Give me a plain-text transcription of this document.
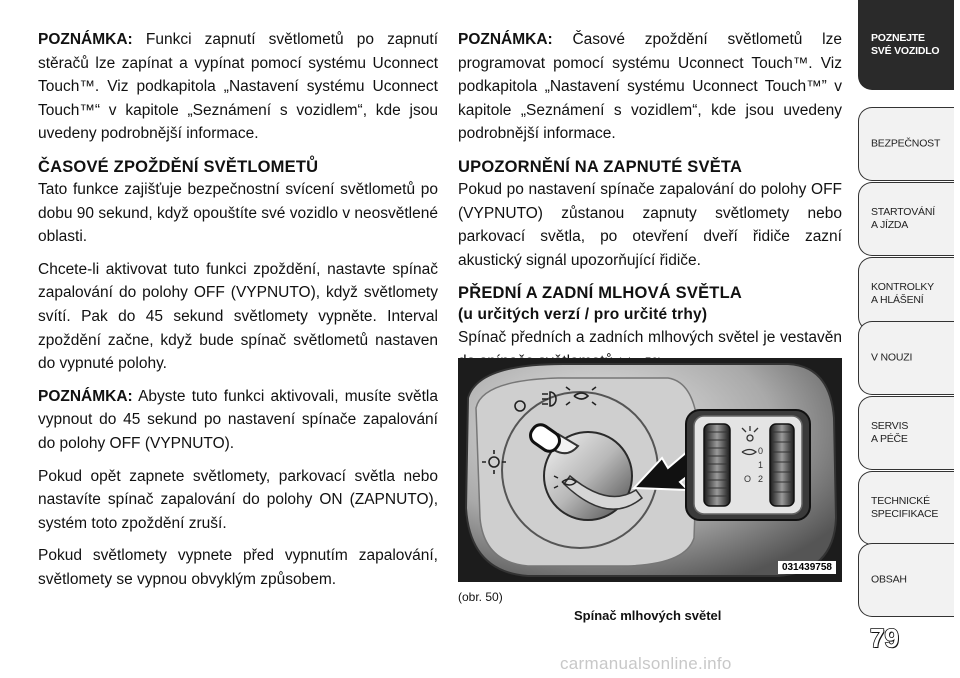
POZNÁMKA: Funkci zapnutí světlometů po zapnutí stěračů lze zapínat a vypínat pomocí systému Uconnect Touch™. Viz podkapitola „Nastavení systému Uconnect Touch™“ v kapitole „Seznámení s vozidlem“, kde jsou uvedeny podrobnější informace.

ČASOVÉ ZPOŽDĚNÍ SVĚTLOMETŮ

Tato funkce zajišťuje bezpečnostní svícení světlometů po dobu 90 sekund, když opouštíte své vozidlo v neosvětlené oblasti.

Chcete-li aktivovat tuto funkci zpoždění, nastavte spínač zapalování do polohy OFF (VYPNUTO), když světlomety svítí. Pak do 45 sekund světlomety vypněte. Interval zpoždění začne, když bude spínač světlometů nastaven do vypnuté polohy.

POZNÁMKA: Abyste tuto funkci aktivovali, musíte světla vypnout do 45 sekund po nastavení spínače zapalování do polohy OFF (VYPNUTO).

Pokud opět zapnete světlomety, parkovací světla nebo nastavíte spínač zapalování do polohy ON (ZAPNUTO), systém toto zpoždění zruší.

Pokud světlomety vypnete před vypnutím zapalování, světlomety se vypnou obvyklým způsobem.

POZNÁMKA: Časové zpoždění světlometů lze programovat pomocí systému Uconnect Touch™. Viz podkapitola „Nastavení systému Uconnect Touch™” v kapitole „Seznámení s vozidlem“, kde jsou uvedeny podrobnější informace.

UPOZORNĚNÍ NA ZAPNUTÉ SVĚTA

Pokud po nastavení spínače zapalování do polohy OFF (VYPNUTO) zůstanou zapnuty světlomety nebo parkovací světla, po otevření dveří řidiče zazní akustický signál upozorňující řidiče.

PŘEDNÍ A ZADNÍ MLHOVÁ SVĚTLA
(u určitých verzí / pro určité trhy)

Spínač předních a zadních mlhových světel je vestavěn

0
1
2
O
031439758
(obr. 50)
Spínač mlhových světel
POZNEJTE
SVÉ VOZIDLO
BEZPEČNOST
STARTOVÁNÍ
A JÍZDA
KONTROLKY
A HLÁŠENÍ
V NOUZI
SERVIS
A PÉČE
TECHNICKÉ
SPECIFIKACE
OBSAH
79
carmanualsonline.info
